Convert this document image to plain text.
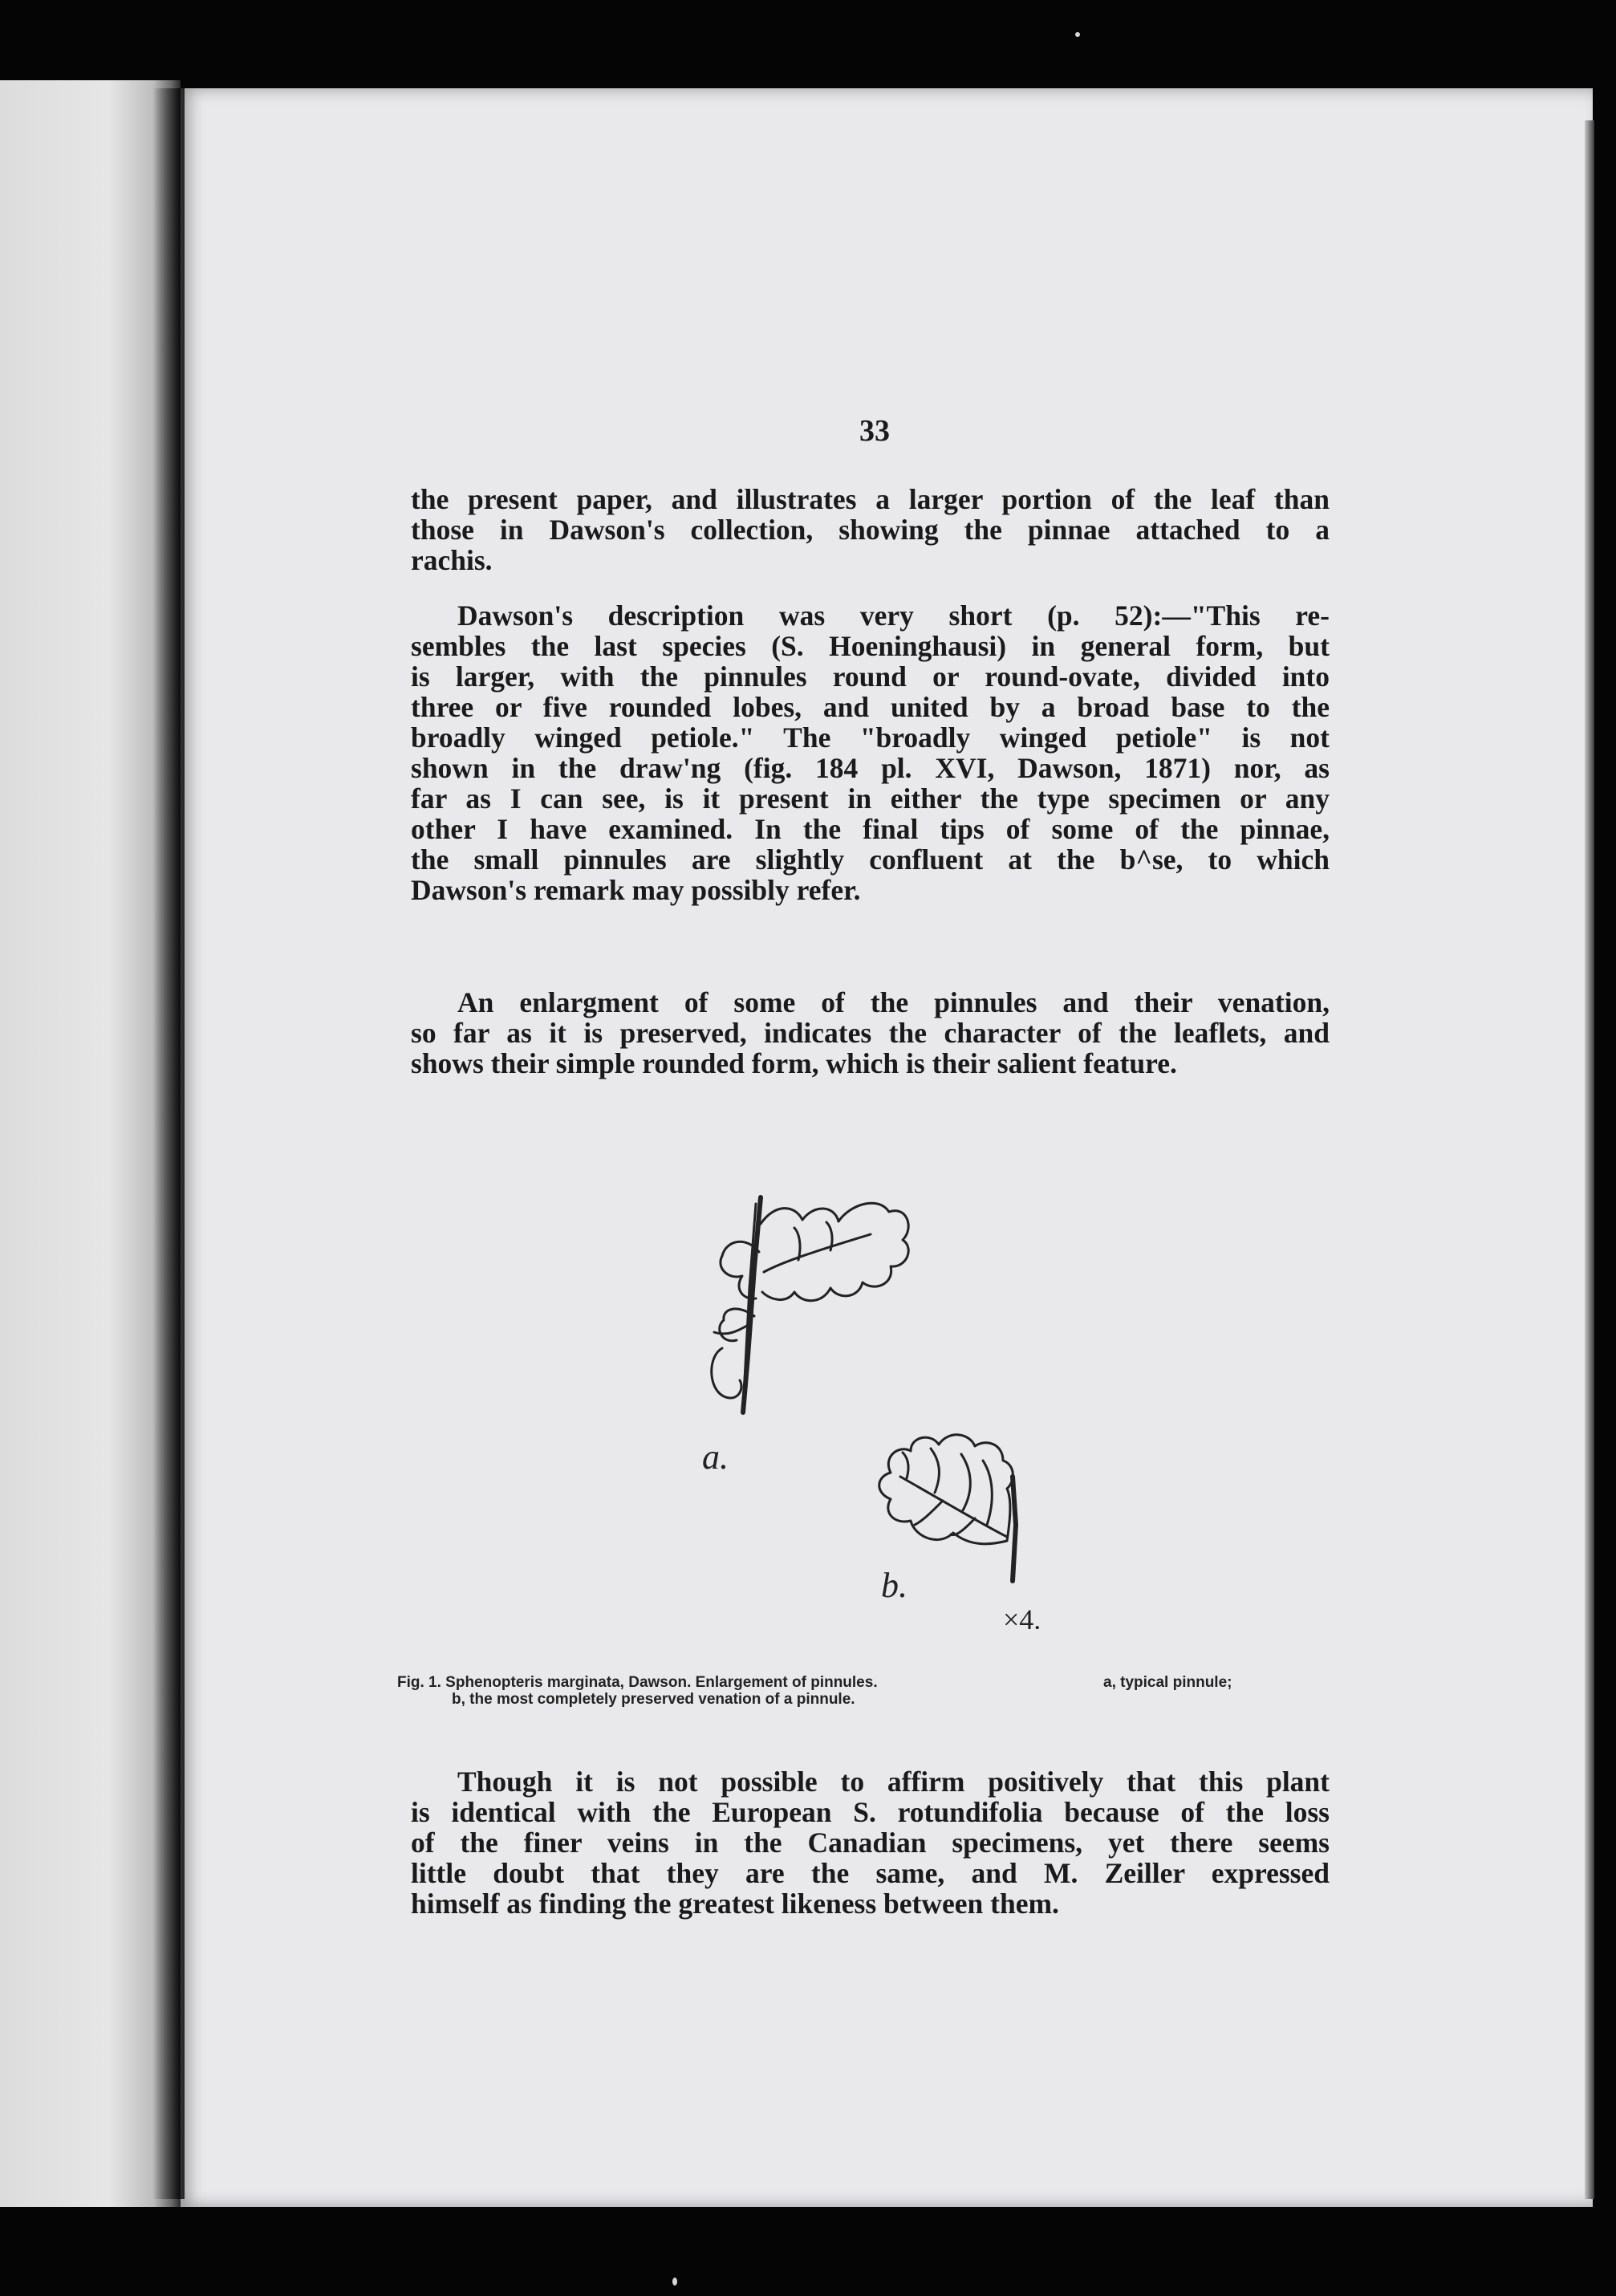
33

the present paper, and illustrates a larger portion of the leaf than
those in Dawson's collection, showing the pinnae attached to a
rachis.

Dawson's description was very short (p. 52):—"This re-
sembles the last species (S. Hoeninghausi) in general form, but
is larger, with the pinnules round or round-ovate, divided into
three or five rounded lobes, and united by a broad base to the
broadly winged petiole." The "broadly winged petiole" is not
shown in the draw'ng (fig. 184 pl. XVI, Dawson, 1871) nor, as
far as I can see, is it present in either the type specimen or any
other I have examined. In the final tips of some of the pinnae,
the small pinnules are slightly confluent at the b^se, to which
Dawson's remark may possibly refer.

An enlargment of some of the pinnules and their venation,
so far as it is preserved, indicates the character of the leaflets, and
shows their simple rounded form, which is their salient feature.

a.
b.
×4.
Fig. 1. Sphenopteris marginata, Dawson. Enlargement of pinnules.	a, typical pinnule;
b, the most completely preserved venation of a pinnule.

Though it is not possible to affirm positively that this plant
is identical with the European S. rotundifolia because of the loss
of the finer veins in the Canadian specimens, yet there seems
little doubt that they are the same, and M. Zeiller expressed
himself as finding the greatest likeness between them.
